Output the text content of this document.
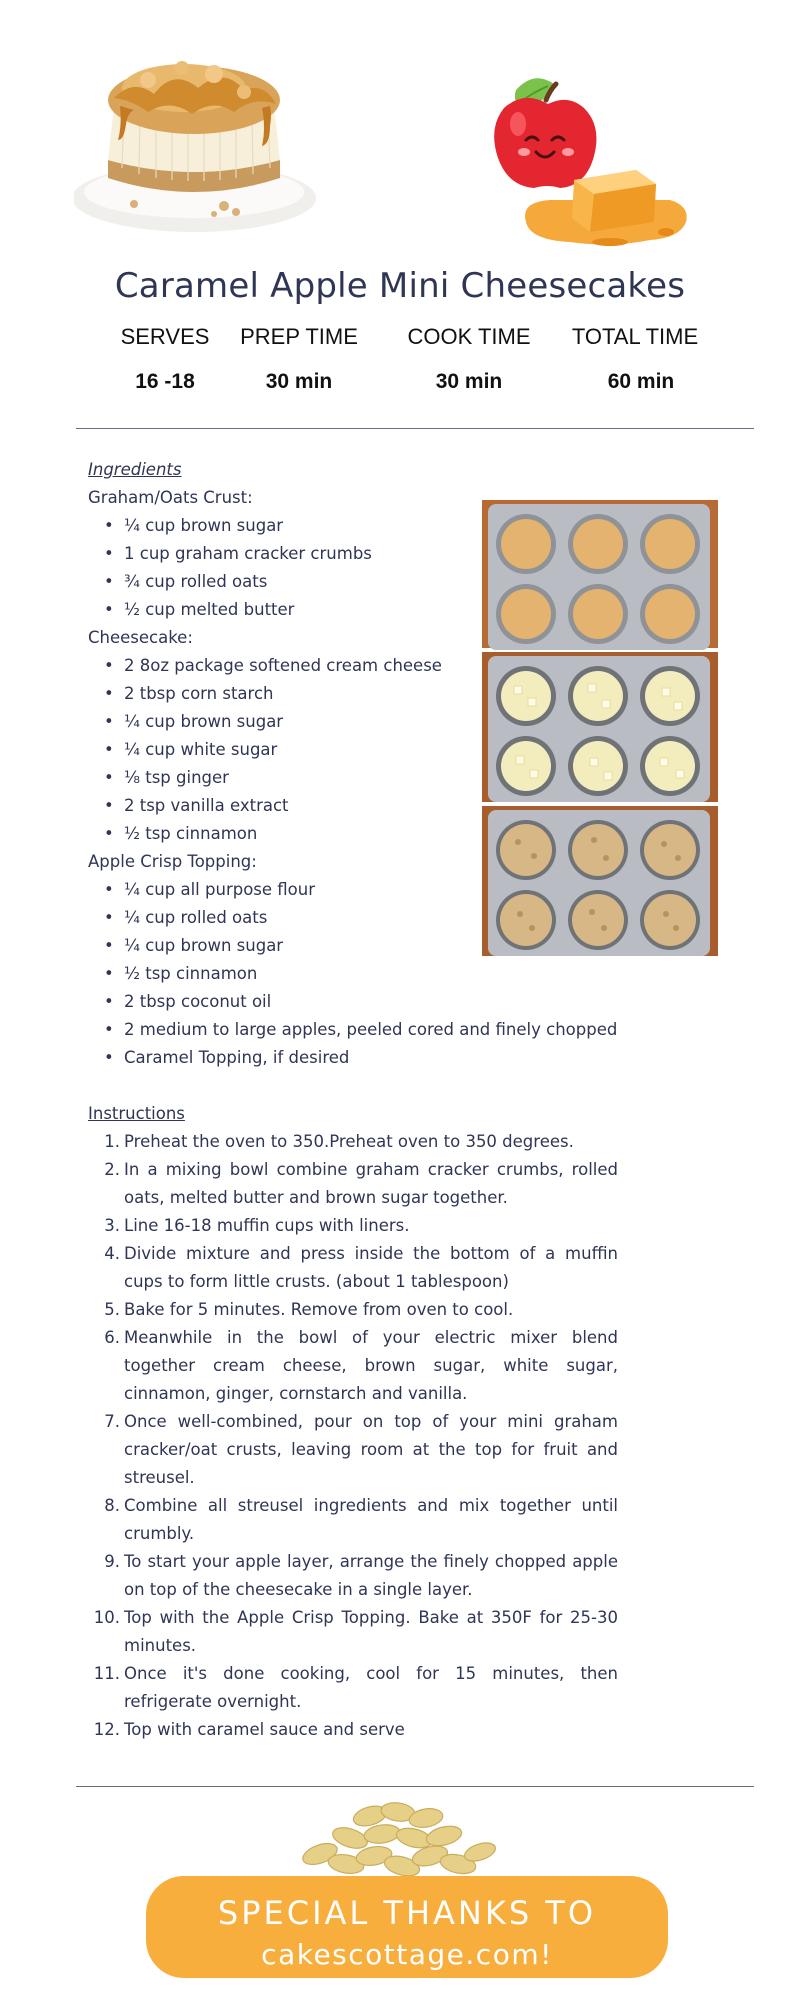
Caramel Apple Mini Cheesecakes
SERVES
16 -18
PREP TIME
30 min
COOK TIME
30 min
TOTAL TIME
60 min
Ingredients
Graham/Oats Crust:
• ¼ cup brown sugar
• 1 cup graham cracker crumbs
• ¾ cup rolled oats
• ½ cup melted butter
Cheesecake:
• 2 8oz package softened cream cheese
• 2 tbsp corn starch
• ¼ cup brown sugar
• ¼ cup white sugar
• ⅛ tsp ginger
• 2 tsp vanilla extract
• ½ tsp cinnamon
Apple Crisp Topping:
• ¼ cup all purpose flour
• ¼ cup rolled oats
• ¼ cup brown sugar
• ½ tsp cinnamon
• 2 tbsp coconut oil
• 2 medium to large apples, peeled cored and finely chopped
• Caramel Topping, if desired
Instructions
1. Preheat the oven to 350.Preheat oven to 350 degrees.
2. In a mixing bowl combine graham cracker crumbs, rolled oats, melted butter and brown sugar together.
3. Line 16-18 muffin cups with liners.
4. Divide mixture and press inside the bottom of a muffin cups to form little crusts. (about 1 tablespoon)
5. Bake for 5 minutes. Remove from oven to cool.
6. Meanwhile in the bowl of your electric mixer blend together cream cheese, brown sugar, white sugar, cinnamon, ginger, cornstarch and vanilla.
7. Once well-combined, pour on top of your mini graham cracker/oat crusts, leaving room at the top for fruit and streusel.
8. Combine all streusel ingredients and mix together until crumbly.
9. To start your apple layer, arrange the finely chopped apple on top of the cheesecake in a single layer.
10. Top with the Apple Crisp Topping. Bake at 350F for 25-30 minutes.
11. Once it's done cooking, cool for 15 minutes, then refrigerate overnight.
12. Top with caramel sauce and serve
SPECIAL THANKS TO
cakescottage.com!
